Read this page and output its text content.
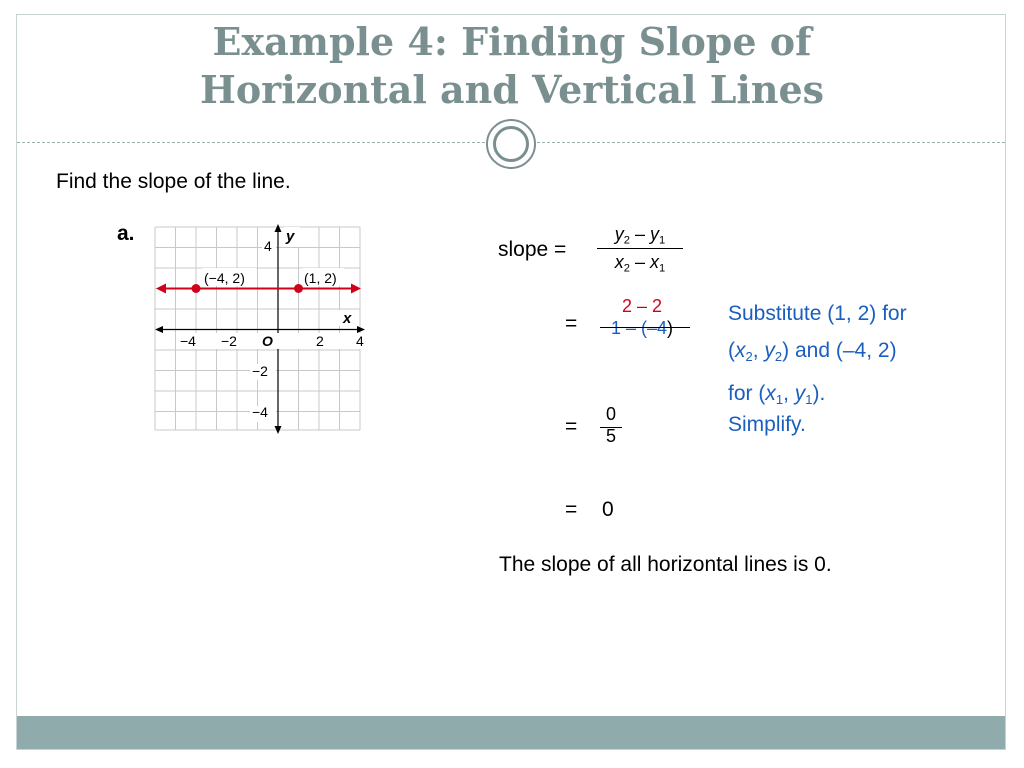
Example 4: Finding Slope of
Horizontal and Vertical Lines
Find the slope of the line.
a.
(−4, 2)	(1, 2)
y
x
−4 −2 O	2 4
4
−2
−4
slope =
$y_2 - y_1$
$x_2 - x_1$
=
2 – 2
1 – (–4)
=
0
5
= 0
Substitute (1, 2) for
($x_2$, $y_2$) and (–4, 2)
for ($x_1$, $y_1$).
Simplify.
The slope of all horizontal lines is 0.
